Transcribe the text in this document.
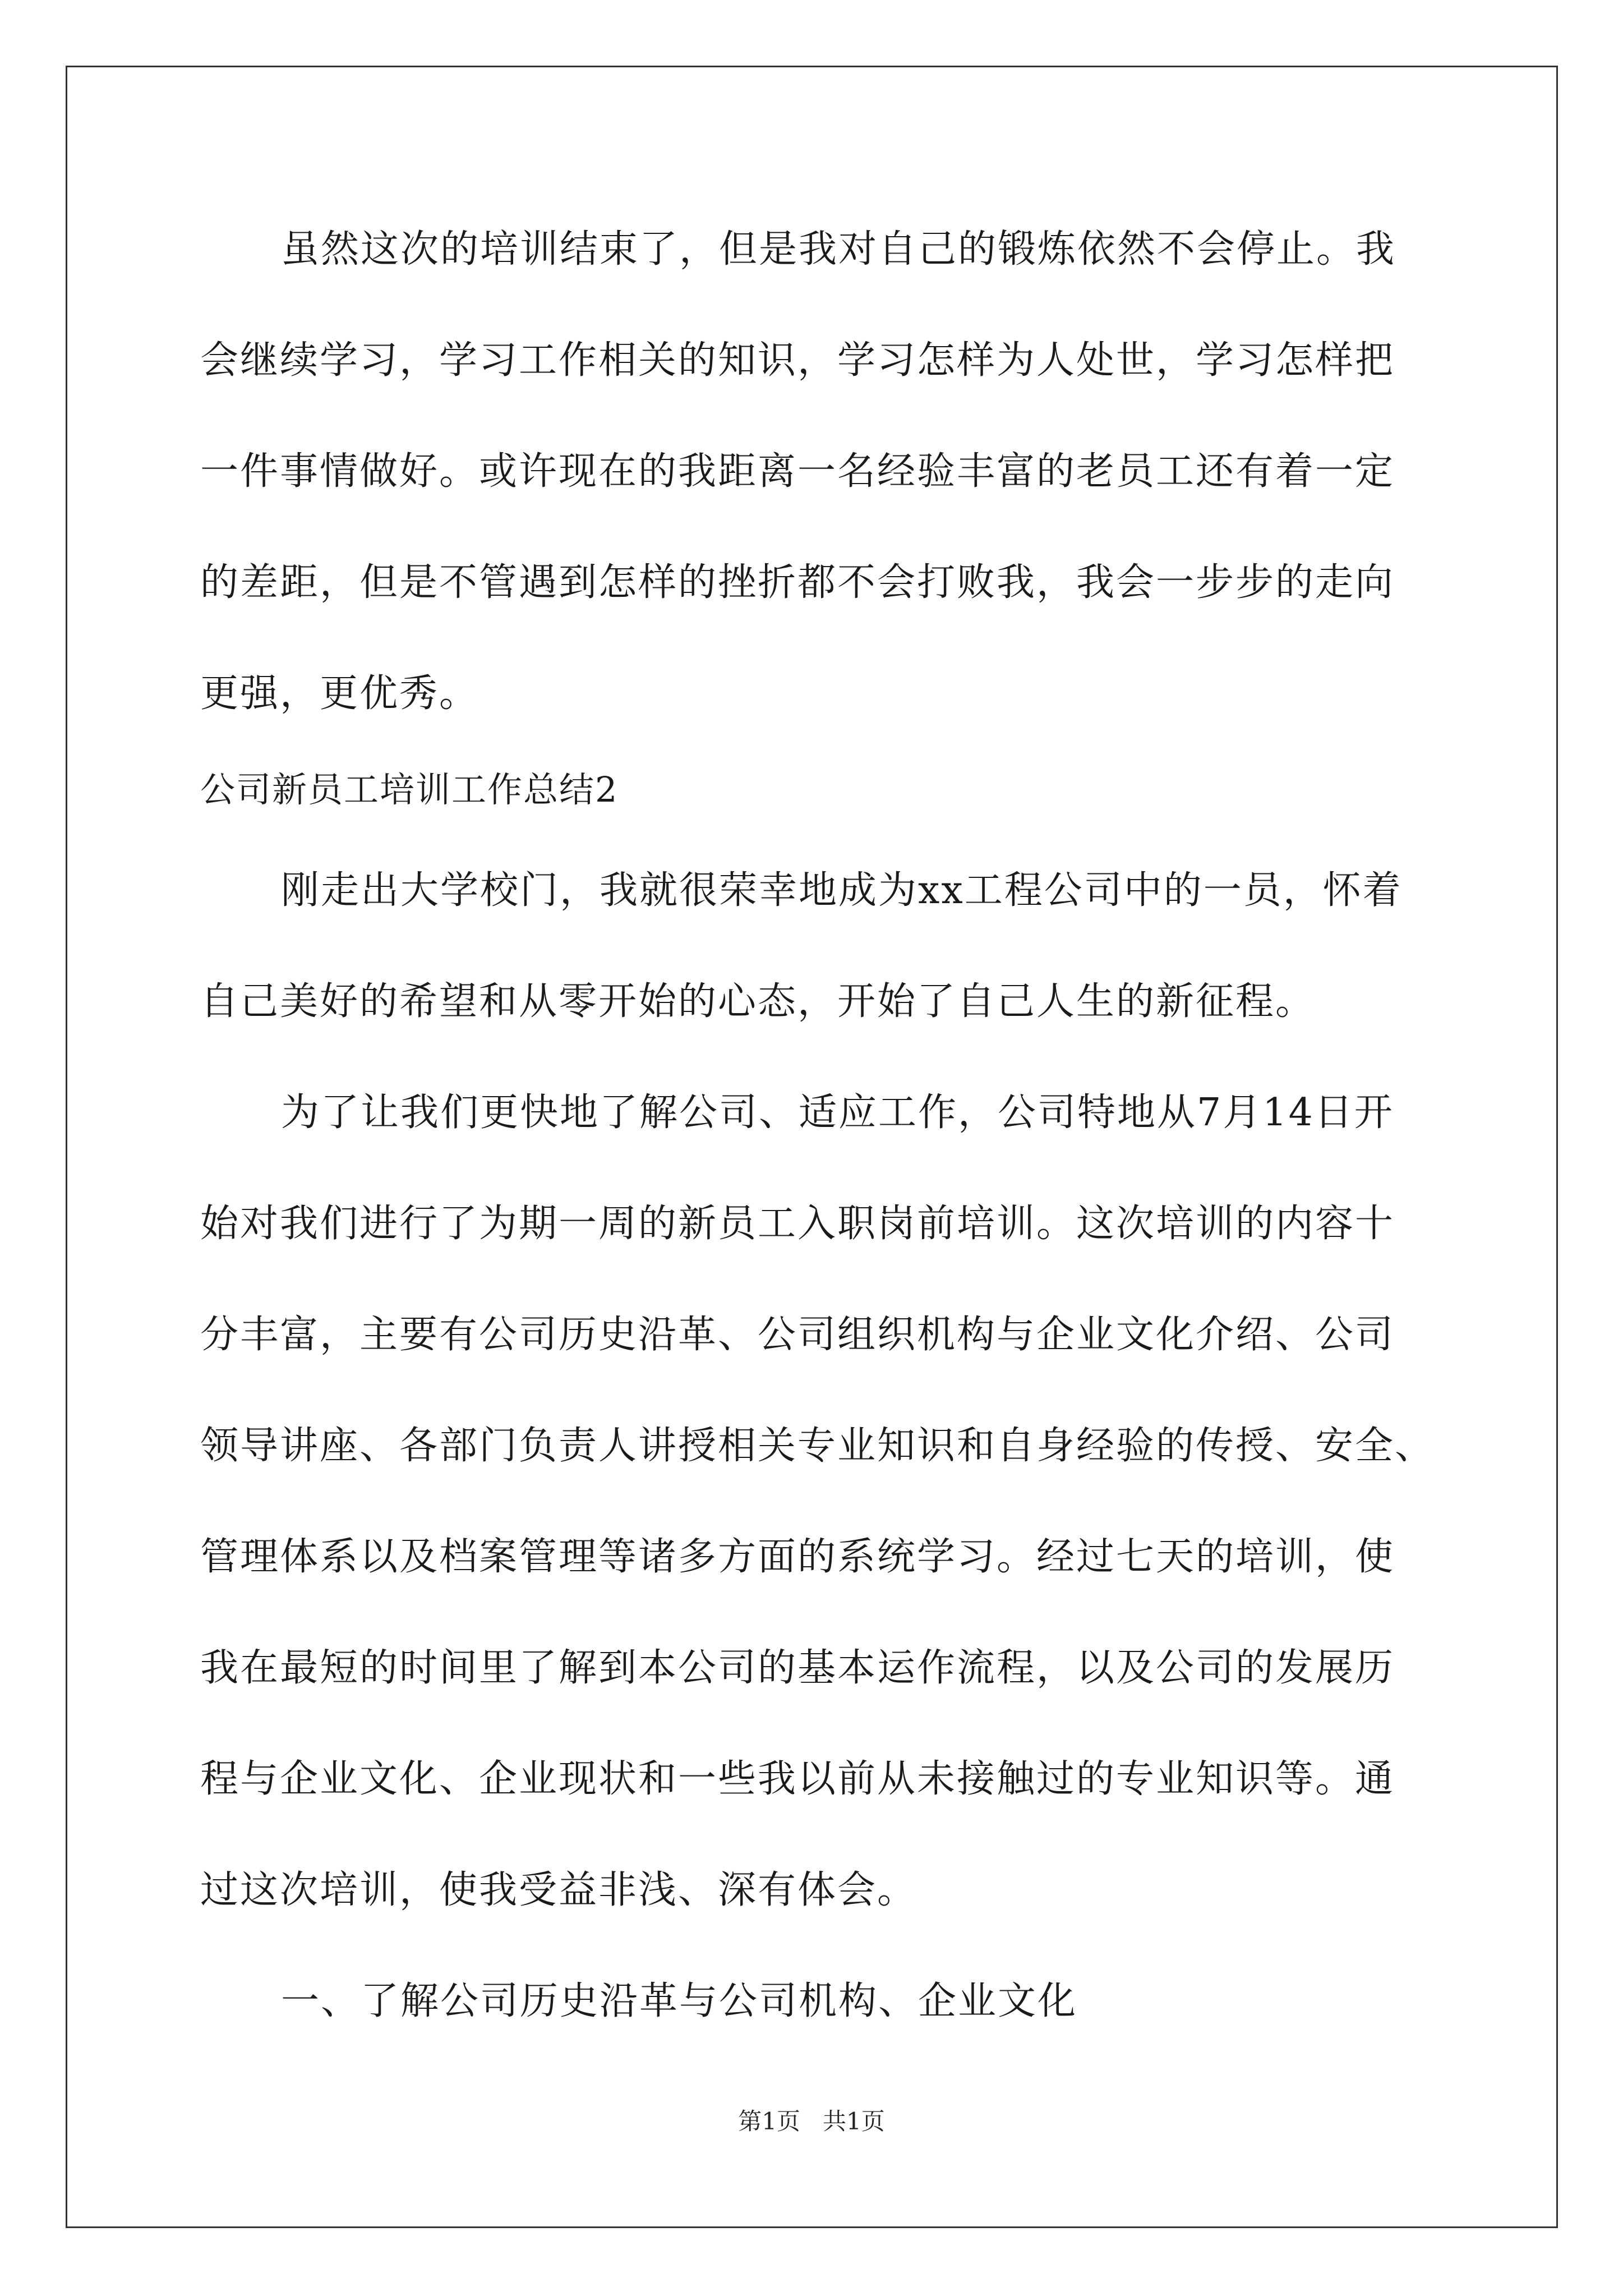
虽然这次的培训结束了，但是我对自己的锻炼依然不会停止。我
会继续学习，学习工作相关的知识，学习怎样为人处世，学习怎样把
一件事情做好。或许现在的我距离一名经验丰富的老员工还有着一定
的差距，但是不管遇到怎样的挫折都不会打败我，我会一步步的走向
更强，更优秀。
公司新员工培训工作总结2
刚走出大学校门，我就很荣幸地成为xx工程公司中的一员，怀着
自己美好的希望和从零开始的心态，开始了自己人生的新征程。
为了让我们更快地了解公司、适应工作，公司特地从7月14日开
始对我们进行了为期一周的新员工入职岗前培训。这次培训的内容十
分丰富，主要有公司历史沿革、公司组织机构与企业文化介绍、公司
领导讲座、各部门负责人讲授相关专业知识和自身经验的传授、安全、
管理体系以及档案管理等诸多方面的系统学习。经过七天的培训，使
我在最短的时间里了解到本公司的基本运作流程，以及公司的发展历
程与企业文化、企业现状和一些我以前从未接触过的专业知识等。通
过这次培训，使我受益非浅、深有体会。
一、了解公司历史沿革与公司机构、企业文化
第1页   共1页
